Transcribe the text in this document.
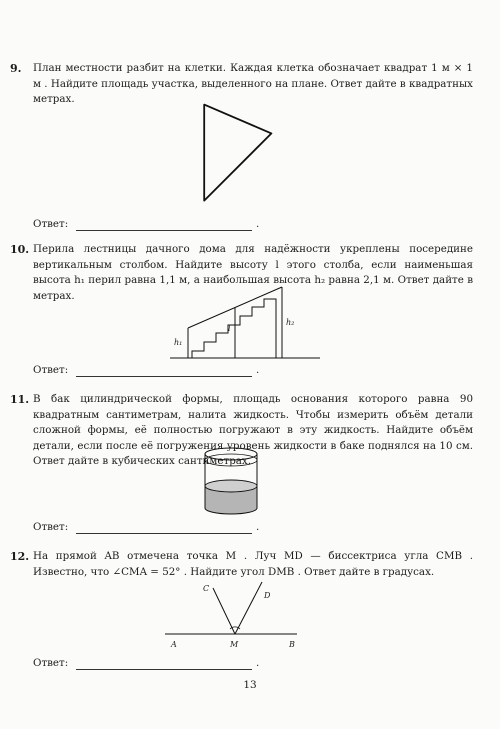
9. План местности разбит на клетки. Каждая клетка обозначает квадрат 1 м × 1 м . Найдите площадь участка, выделенного на плане. Ответ дайте в квадратных метрах.
Ответ:	.
10. Перила лестницы дачного дома для надёжности укреплены посередине вертикальным столбом. Найдите высоту l этого столба, если наименьшая высота h₁ перил равна 1,1 м, а наибольшая высота h₂ равна 2,1 м. Ответ дайте в метрах.
h₁
l
h₂
Ответ:	.
11. В бак цилиндрической формы, площадь основания которого равна 90 квадратным сантиметрам, налита жидкость. Чтобы измерить объём детали сложной формы, её полностью погружают в эту жидкость. Найдите объём детали, если после её погружения уровень жидкости в баке поднялся на 10 см. Ответ дайте в кубических сантиметрах.
Ответ:	.
12. На прямой AB отмечена точка M . Луч MD — биссектриса угла CMB . Известно, что ∠CMA = 52° . Найдите угол DMB . Ответ дайте в градусах.
A	M	B
C
D
Ответ:	.
13
